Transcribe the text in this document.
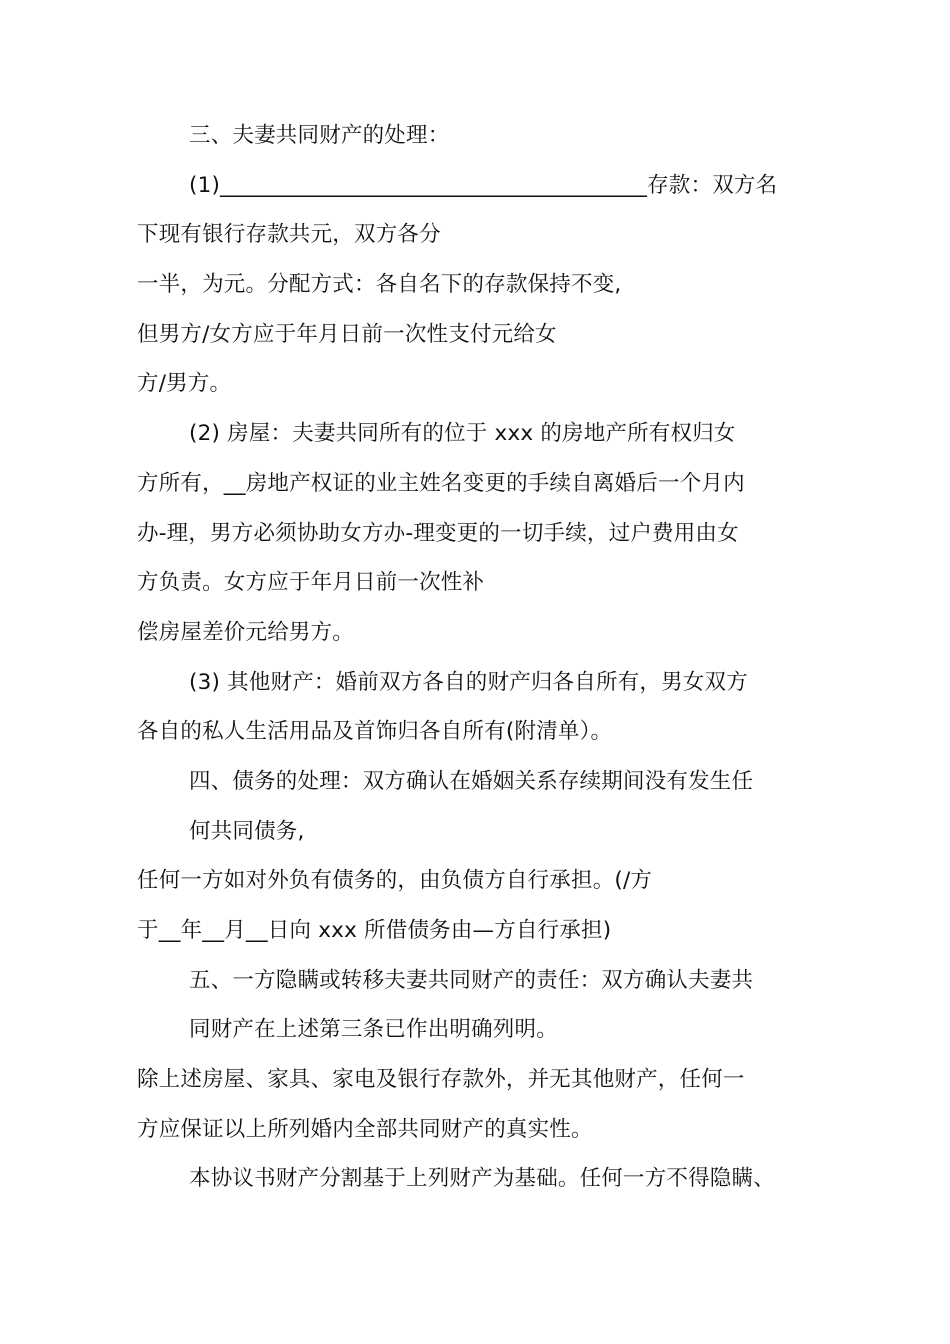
三、夫妻共同财产的处理：
(1)_______________________________________存款：双方名
下现有银行存款共元，双方各分
一半，为元。分配方式：各自名下的存款保持不变,
但男方/女方应于年月日前一次性支付元给女
方/男方。
(2) 房屋：夫妻共同所有的位于 xxx 的房地产所有权归女
方所有，__房地产权证的业主姓名变更的手续自离婚后一个月内
办-理，男方必须协助女方办-理变更的一切手续，过户费用由女
方负责。女方应于年月日前一次性补
偿房屋差价元给男方。
(3) 其他财产：婚前双方各自的财产归各自所有，男女双方
各自的私人生活用品及首饰归各自所有(附清单）。
四、债务的处理：双方确认在婚姻关系存续期间没有发生任
何共同债务,
任何一方如对外负有债务的，由负债方自行承担。(/方
于__年__月__日向 xxx 所借债务由—方自行承担)
五、一方隐瞒或转移夫妻共同财产的责任：双方确认夫妻共
同财产在上述第三条已作出明确列明。
除上述房屋、家具、家电及银行存款外，并无其他财产，任何一
方应保证以上所列婚内全部共同财产的真实性。
本协议书财产分割基于上列财产为基础。任何一方不得隐瞒、
